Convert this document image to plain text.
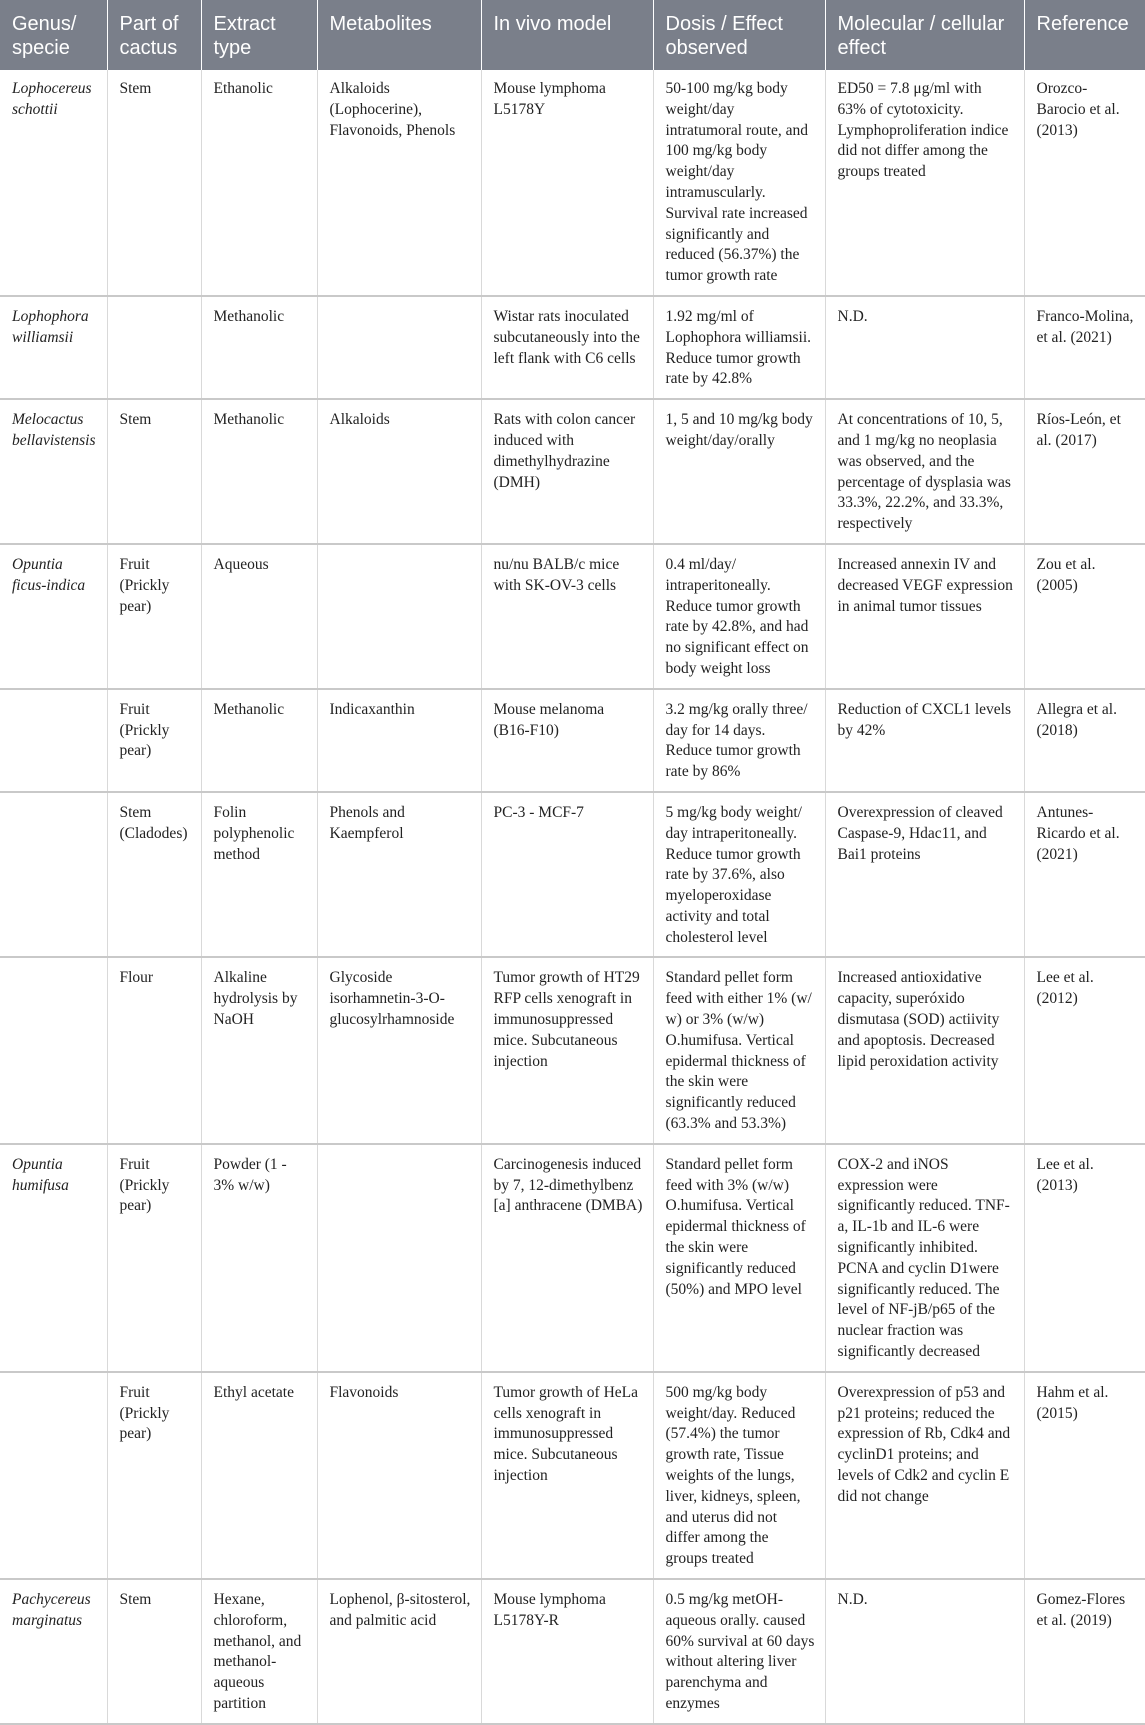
Genus/ specie	Part of cactus	Extract type	Metabolites	In vivo model	Dosis / Effect observed	Molecular / cellular effect	Reference
Lophocereus schottii	Stem	Ethanolic	Alkaloids (Lophocerine), Flavonoids, Phenols	Mouse lymphoma L5178Y	50-100 mg/kg body weight/day intratumoral route, and 100 mg/kg body weight/day intramuscularly. Survival rate increased significantly and reduced (56.37%) the tumor growth rate	ED50 = 7.8 μg/ml with 63% of cytotoxicity. Lymphoproliferation indice did not differ among the groups treated	Orozco-Barocio et al. (2013)
Lophophora williamsii		Methanolic		Wistar rats inoculated subcutaneously into the left flank with C6 cells	1.92 mg/ml of Lophophora williamsii. Reduce tumor growth rate by 42.8%	N.D.	Franco-Molina, et al. (2021)
Melocactus bellavistensis	Stem	Methanolic	Alkaloids	Rats with colon cancer induced with dimethylhydrazine (DMH)	1, 5 and 10 mg/kg body weight/day/orally	At concentrations of 10, 5, and 1 mg/kg no neoplasia was observed, and the percentage of dysplasia was 33.3%, 22.2%, and 33.3%, respectively	Ríos-León, et al. (2017)
Opuntia ficus-indica	Fruit (Prickly pear)	Aqueous		nu/nu BALB/c mice with SK-OV-3 cells	0.4 ml/day/ intraperitoneally. Reduce tumor growth rate by 42.8%, and had no significant effect on body weight loss	Increased annexin IV and decreased VEGF expression in animal tumor tissues	Zou et al. (2005)
	Fruit (Prickly pear)	Methanolic	Indicaxanthin	Mouse melanoma (B16-F10)	3.2 mg/kg orally three/ day for 14 days. Reduce tumor growth rate by 86%	Reduction of CXCL1 levels by 42%	Allegra et al. (2018)
	Stem (Cladodes)	Folin polyphenolic method	Phenols and Kaempferol	PC-3 - MCF-7	5 mg/kg body weight/ day intraperitoneally. Reduce tumor growth rate by 37.6%, also myeloperoxidase activity and total cholesterol level	Overexpression of cleaved Caspase-9, Hdac11, and Bai1 proteins	Antunes-Ricardo et al. (2021)
	Flour	Alkaline hydrolysis by NaOH	Glycoside isorhamnetin-3-O-glucosylrhamnoside	Tumor growth of HT29 RFP cells xenograft in immunosuppressed mice. Subcutaneous injection	Standard pellet form feed with either 1% (w/ w) or 3% (w/w) O.humifusa. Vertical epidermal thickness of the skin were significantly reduced (63.3% and 53.3%)	Increased antioxidative capacity, superóxido dismutasa (SOD) actiivity and apoptosis. Decreased lipid peroxidation activity	Lee et al. (2012)
Opuntia humifusa	Fruit (Prickly pear)	Powder (1 - 3% w/w)		Carcinogenesis induced by 7, 12-dimethylbenz [a] anthracene (DMBA)	Standard pellet form feed with 3% (w/w) O.humifusa. Vertical epidermal thickness of the skin were significantly reduced (50%) and MPO level	COX-2 and iNOS expression were significantly reduced. TNF-a, IL-1b and IL-6 were significantly inhibited. PCNA and cyclin D1were significantly reduced. The level of NF-jB/p65 of the nuclear fraction was significantly decreased	Lee et al. (2013)
	Fruit (Prickly pear)	Ethyl acetate	Flavonoids	Tumor growth of HeLa cells xenograft in immunosuppressed mice. Subcutaneous injection	500 mg/kg body weight/day. Reduced (57.4%) the tumor growth rate, Tissue weights of the lungs, liver, kidneys, spleen, and uterus did not differ among the groups treated	Overexpression of p53 and p21 proteins; reduced the expression of Rb, Cdk4 and cyclinD1 proteins; and levels of Cdk2 and cyclin E did not change	Hahm et al. (2015)
Pachycereus marginatus	Stem	Hexane, chloroform, methanol, and methanol-aqueous partition	Lophenol, β-sitosterol, and palmitic acid	Mouse lymphoma L5178Y-R	0.5 mg/kg metOH-aqueous orally. caused 60% survival at 60 days without altering liver parenchyma and enzymes	N.D.	Gomez-Flores et al. (2019)
